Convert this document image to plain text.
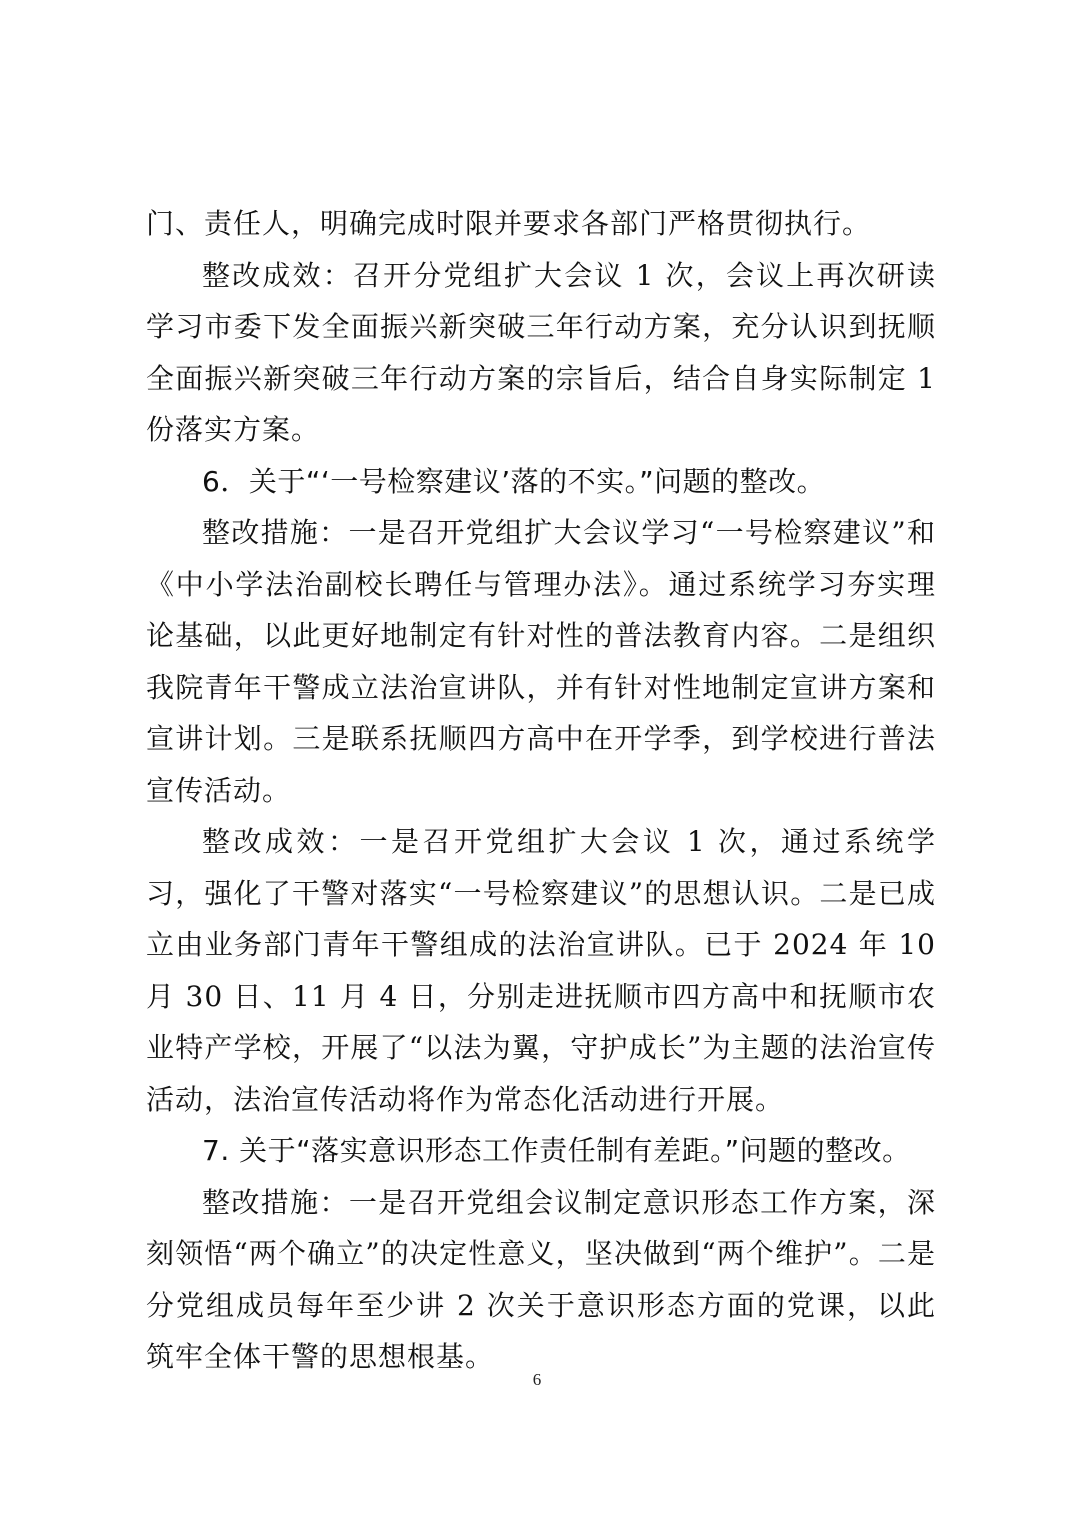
门、责任人，明确完成时限并要求各部门严格贯彻执行。

整改成效：召开分党组扩大会议 1 次，会议上再次研读学习市委下发全面振兴新突破三年行动方案，充分认识到抚顺全面振兴新突破三年行动方案的宗旨后，结合自身实际制定 1 份落实方案。

6．关于“‘一号检察建议’落的不实。”问题的整改。

整改措施：一是召开党组扩大会议学习“一号检察建议”和《中小学法治副校长聘任与管理办法》。通过系统学习夯实理论基础，以此更好地制定有针对性的普法教育内容。二是组织我院青年干警成立法治宣讲队，并有针对性地制定宣讲方案和宣讲计划。三是联系抚顺四方高中在开学季，到学校进行普法宣传活动。

整改成效：一是召开党组扩大会议 1 次，通过系统学习，强化了干警对落实“一号检察建议”的思想认识。二是已成立由业务部门青年干警组成的法治宣讲队。已于 2024 年 10 月 30 日、11 月 4 日，分别走进抚顺市四方高中和抚顺市农业特产学校，开展了“以法为翼，守护成长”为主题的法治宣传活动，法治宣传活动将作为常态化活动进行开展。

7. 关于“落实意识形态工作责任制有差距。”问题的整改。

整改措施：一是召开党组会议制定意识形态工作方案，深刻领悟“两个确立”的决定性意义，坚决做到“两个维护”。二是分党组成员每年至少讲 2 次关于意识形态方面的党课，以此筑牢全体干警的思想根基。

6
